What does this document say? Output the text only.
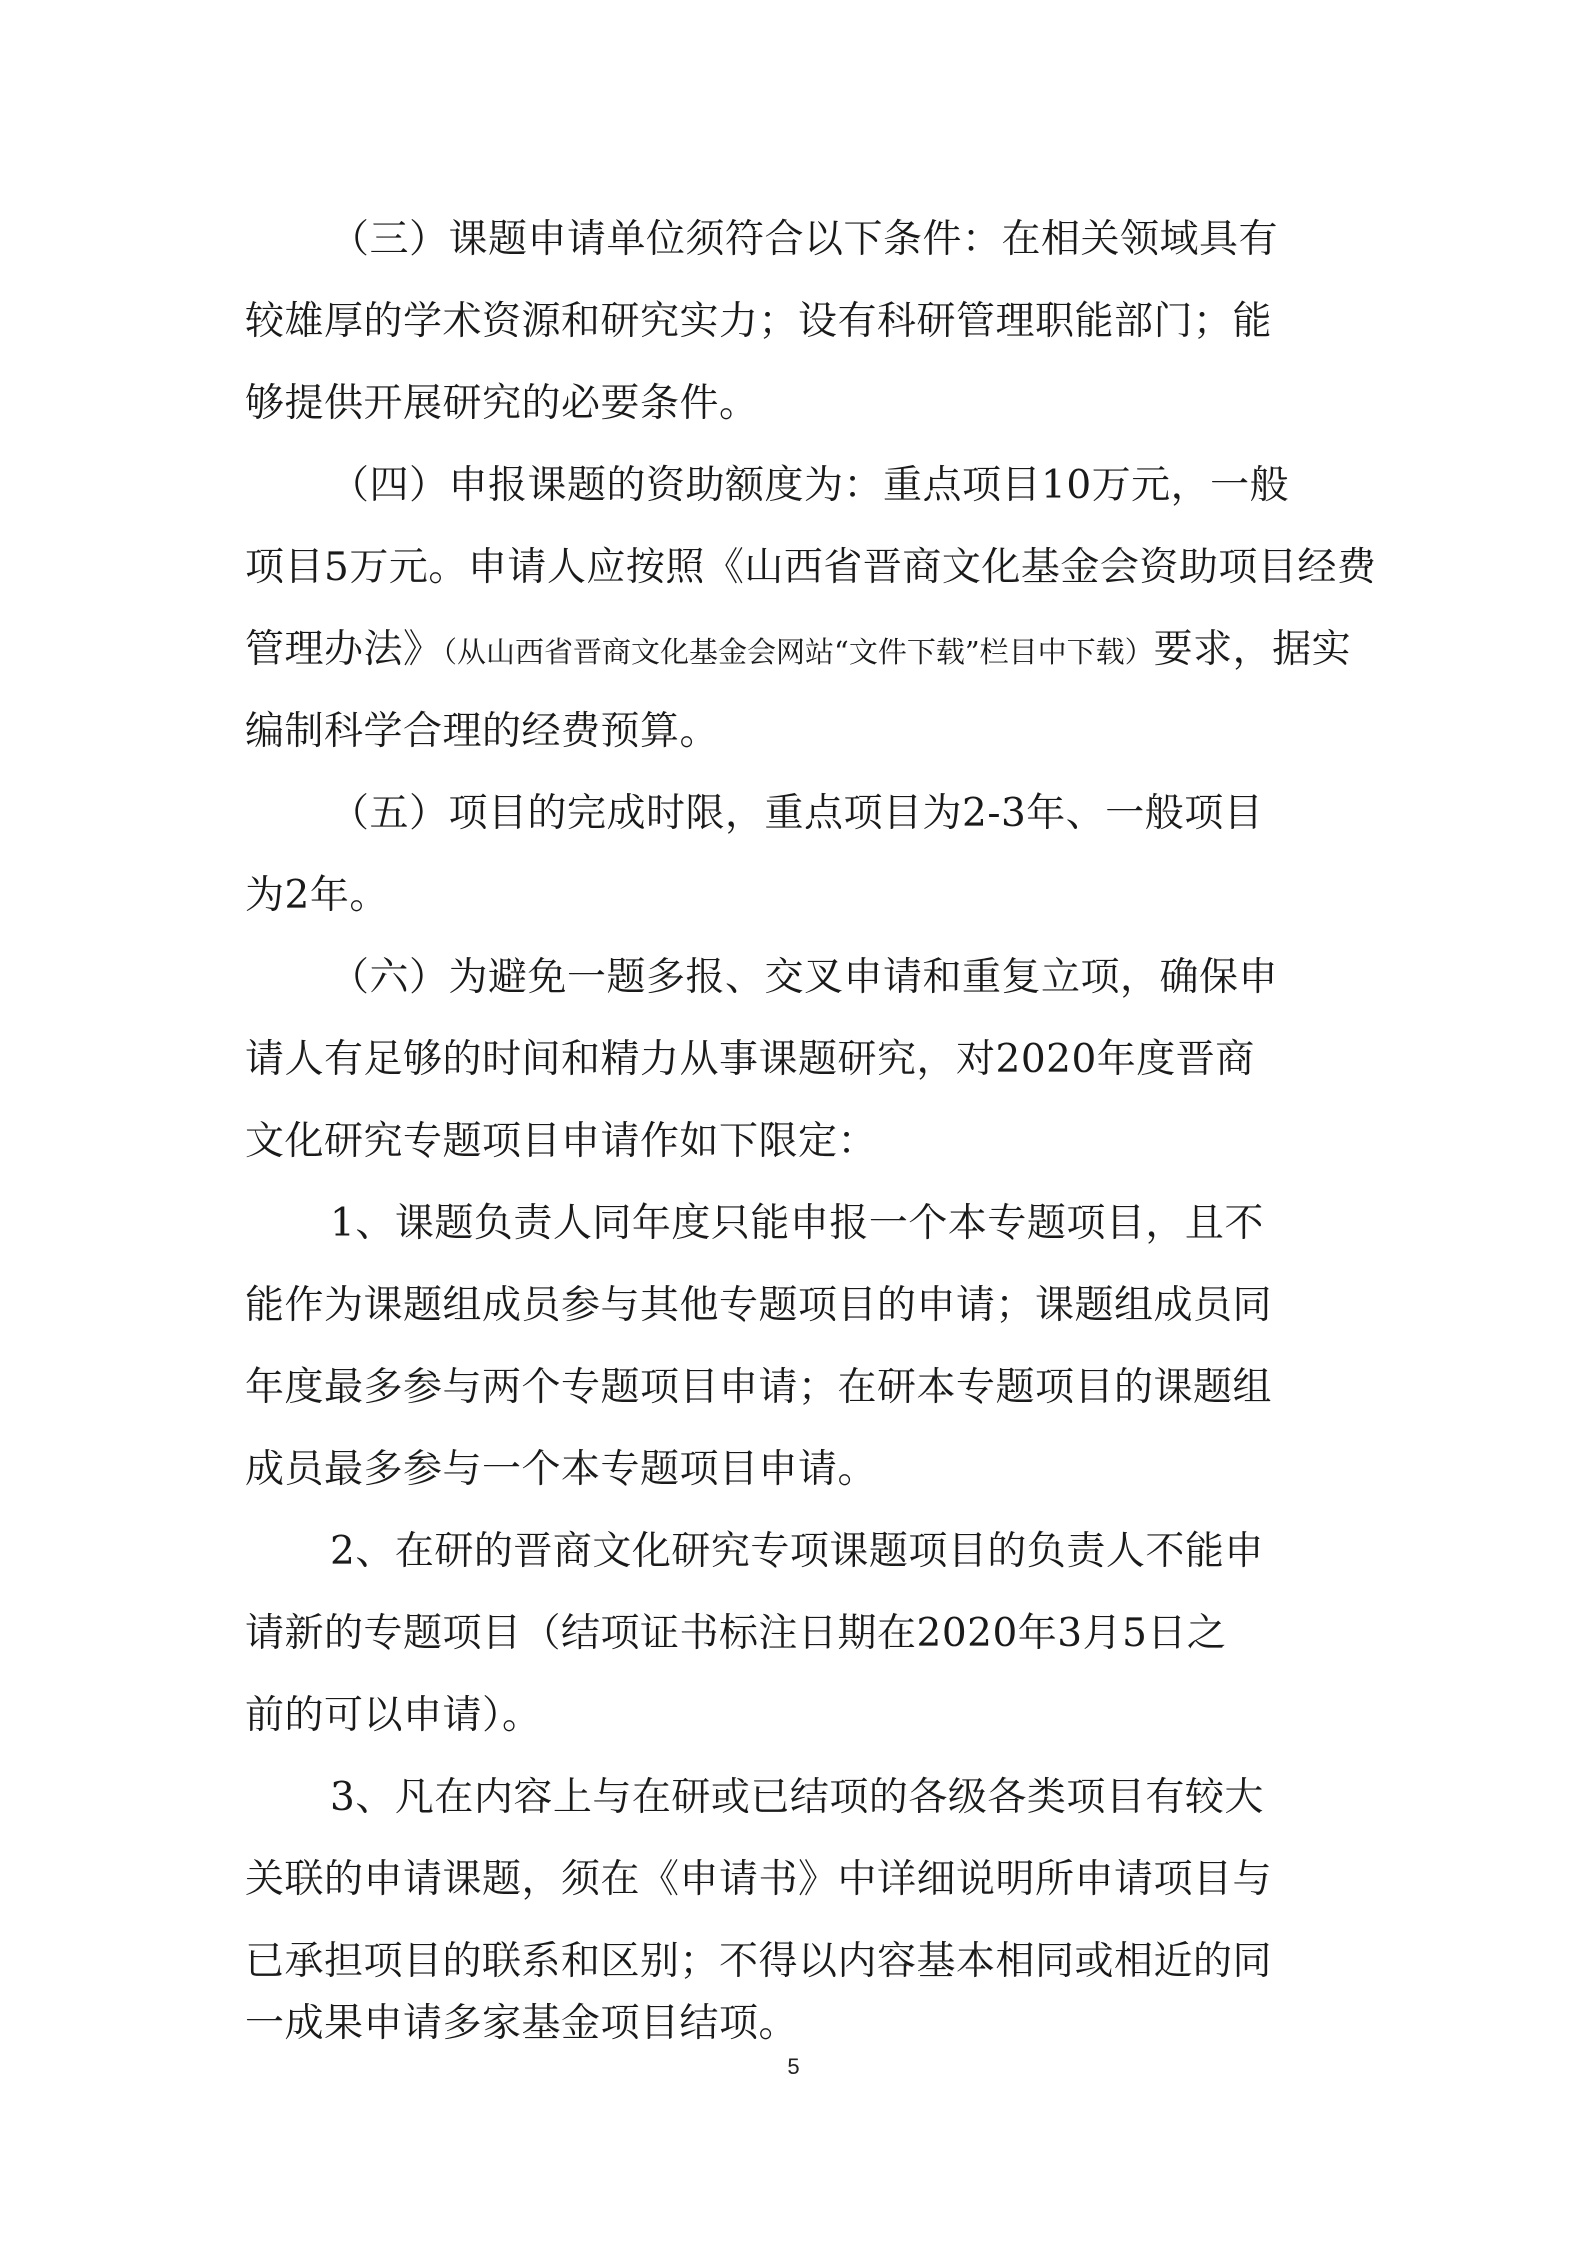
（三）课题申请单位须符合以下条件：在相关领域具有
较雄厚的学术资源和研究实力；设有科研管理职能部门；能
够提供开展研究的必要条件。
（四）申报课题的资助额度为：重点项目10万元，一般
项目5万元。申请人应按照《山西省晋商文化基金会资助项目经费
管理办法》（从山西省晋商文化基金会网站“文件下载”栏目中下载）要求，据实
编制科学合理的经费预算。
（五）项目的完成时限，重点项目为2-3年、一般项目
为2年。
（六）为避免一题多报、交叉申请和重复立项，确保申
请人有足够的时间和精力从事课题研究，对2020年度晋商
文化研究专题项目申请作如下限定：
1、课题负责人同年度只能申报一个本专题项目，且不
能作为课题组成员参与其他专题项目的申请；课题组成员同
年度最多参与两个专题项目申请；在研本专题项目的课题组
成员最多参与一个本专题项目申请。
2、在研的晋商文化研究专项课题项目的负责人不能申
请新的专题项目（结项证书标注日期在2020年3月5日之
前的可以申请）。
3、凡在内容上与在研或已结项的各级各类项目有较大
关联的申请课题，须在《申请书》中详细说明所申请项目与
已承担项目的联系和区别；不得以内容基本相同或相近的同
一成果申请多家基金项目结项。
5
